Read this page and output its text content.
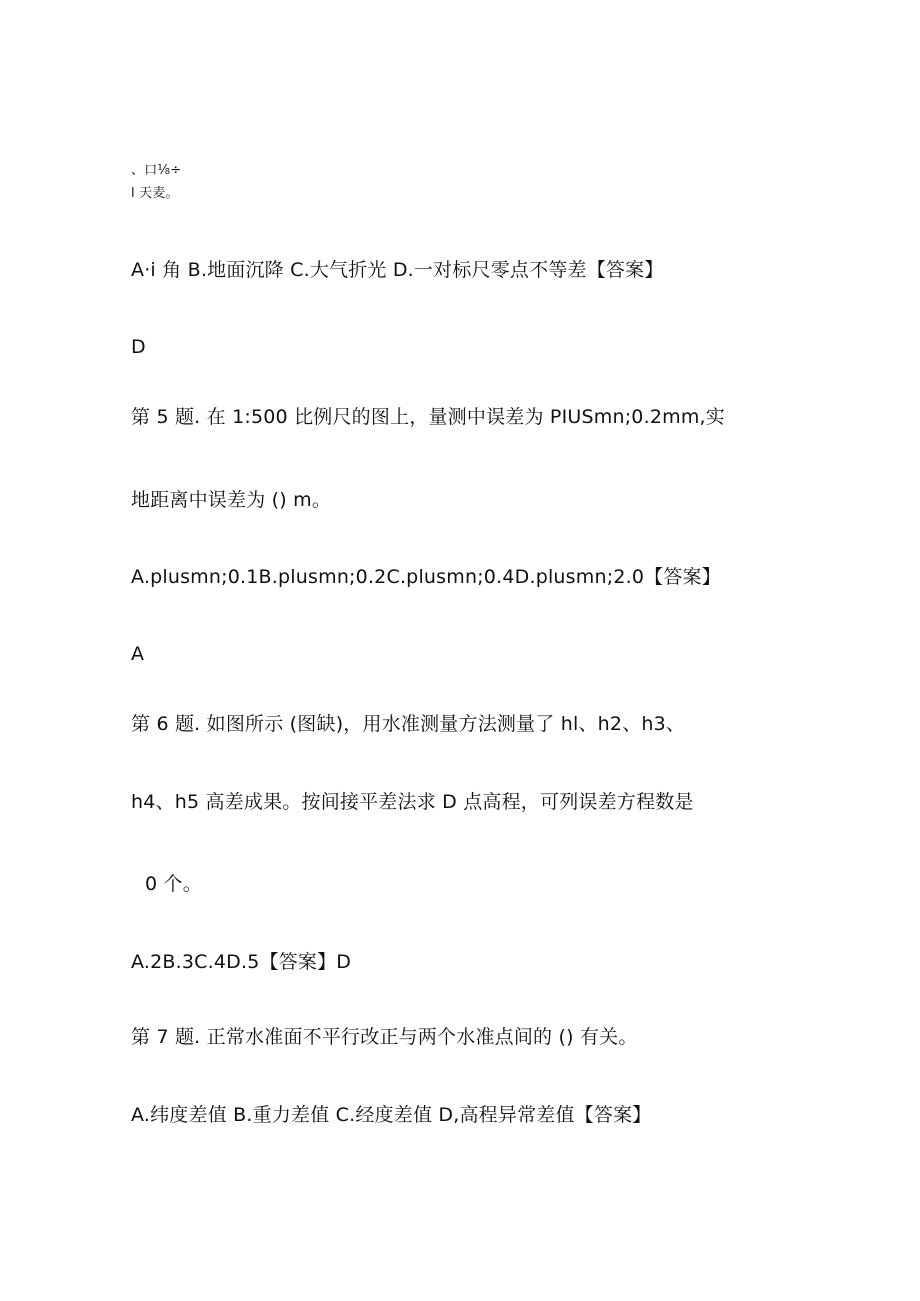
、口⅛÷
l 天麦。
A·i 角 B.地面沉降 C.大气折光 D.一对标尺零点不等差【答案】
D
第 5 题. 在 1:500 比例尺的图上，量测中误差为 PIUSmn;0.2mm,实
地距离中误差为 () m。
A.plusmn;0.1B.plusmn;0.2C.plusmn;0.4D.plusmn;2.0【答案】
A
第 6 题. 如图所示 (图缺)，用水准测量方法测量了 hl、h2、h3、
h4、h5 高差成果。按间接平差法求 D 点高程，可列误差方程数是
0 个。
A.2B.3C.4D.5【答案】D
第 7 题. 正常水准面不平行改正与两个水准点间的 () 有关。
A.纬度差值 B.重力差值 C.经度差值 D,高程异常差值【答案】
